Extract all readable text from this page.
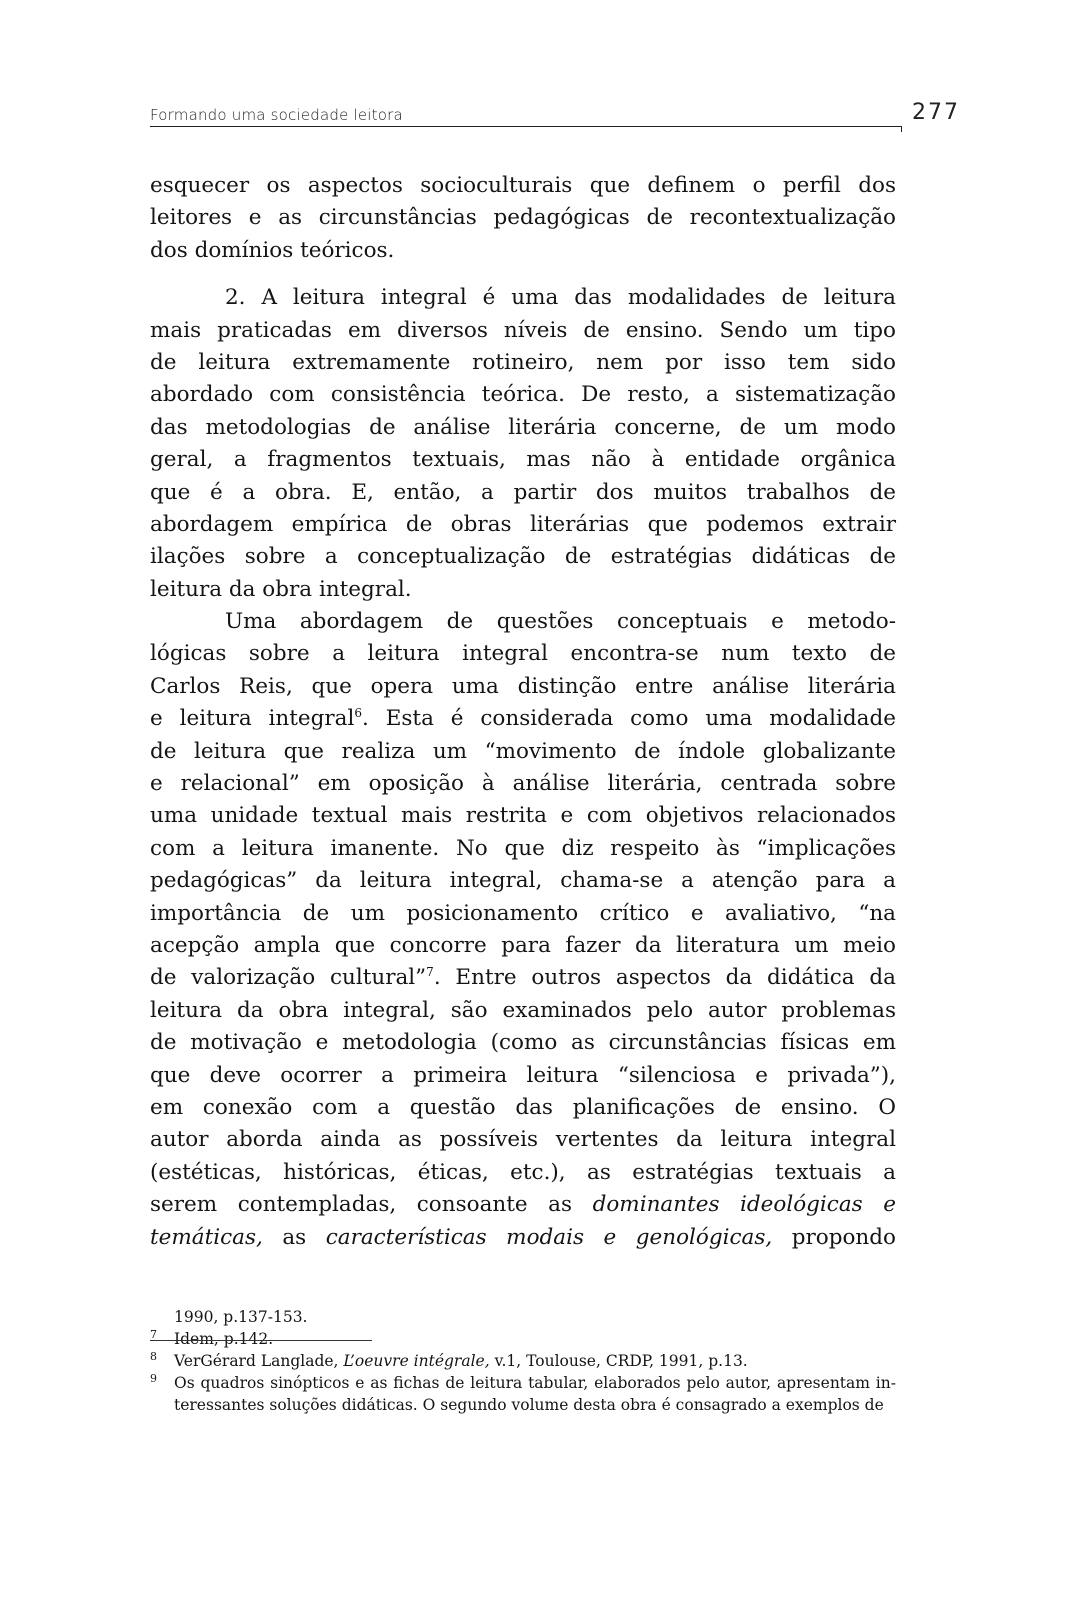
Formando uma sociedade leitora	277
esquecer os aspectos socioculturais que definem o perfil dos
leitores e as circunstâncias pedagógicas de recontextualização
dos domínios teóricos.
2. A leitura integral é uma das modalidades de leitura
mais praticadas em diversos níveis de ensino. Sendo um tipo
de leitura extremamente rotineiro, nem por isso tem sido
abordado com consistência teórica. De resto, a sistematização
das metodologias de análise literária concerne, de um modo
geral, a fragmentos textuais, mas não à entidade orgânica
que é a obra. E, então, a partir dos muitos trabalhos de
abordagem empírica de obras literárias que podemos extrair
ilações sobre a conceptualização de estratégias didáticas de
leitura da obra integral.
Uma abordagem de questões conceptuais e metodo-
lógicas sobre a leitura integral encontra-se num texto de
Carlos Reis, que opera uma distinção entre análise literária
e leitura integral$^6$. Esta é considerada como uma modalidade
de leitura que realiza um “movimento de índole globalizante
e relacional” em oposição à análise literária, centrada sobre
uma unidade textual mais restrita e com objetivos relacionados
com a leitura imanente. No que diz respeito às “implicações
pedagógicas” da leitura integral, chama-se a atenção para a
importância de um posicionamento crítico e avaliativo, “na
acepção ampla que concorre para fazer da literatura um meio
de valorização cultural”$^7$. Entre outros aspectos da didática da
leitura da obra integral, são examinados pelo autor problemas
de motivação e metodologia (como as circunstâncias físicas em
que deve ocorrer a primeira leitura “silenciosa e privada”),
em conexão com a questão das planificações de ensino. O
autor aborda ainda as possíveis vertentes da leitura integral
(estéticas, históricas, éticas, etc.), as estratégias textuais a
serem contempladas, consoante as dominantes ideológicas e
temáticas, as características modais e genológicas, propondo
1990, p.137-153.
7 Idem, p.142.
8 VerGérard Langlade, L’oeuvre intégrale, v.1, Toulouse, CRDP, 1991, p.13.
9 Os quadros sinópticos e as fichas de leitura tabular, elaborados pelo autor, apresentam in-
teressantes soluções didáticas. O segundo volume desta obra é consagrado a exemplos de
